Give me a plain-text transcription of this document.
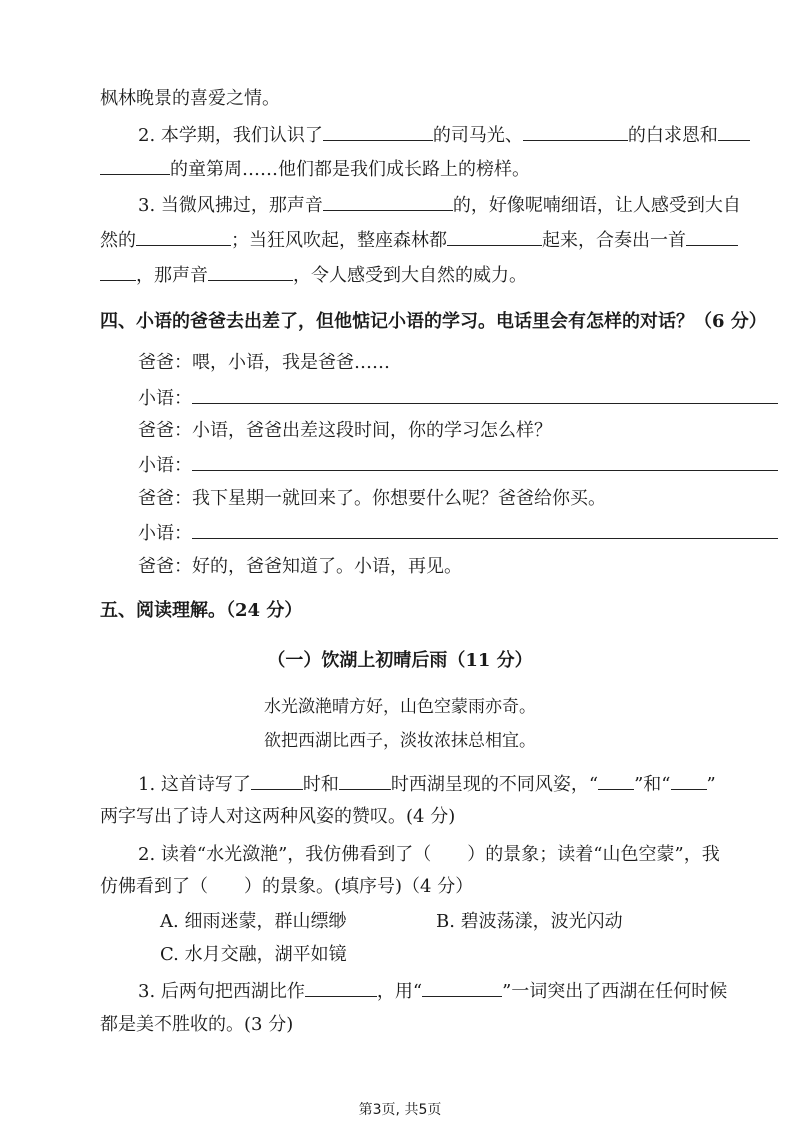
枫林晚景的喜爱之情。
2. 本学期，我们认识了	的司马光、	的白求恩和
的童第周……他们都是我们成长路上的榜样。
3. 当微风拂过，那声音	的，好像呢喃细语，让人感受到大自
然的	；当狂风吹起，整座森林都	起来，合奏出一首
，那声音	，令人感受到大自然的威力。
四、小语的爸爸去出差了，但他惦记小语的学习。电话里会有怎样的对话？（6 分）
爸爸：喂，小语，我是爸爸……
小语：
爸爸：小语，爸爸出差这段时间，你的学习怎么样？
小语：
爸爸：我下星期一就回来了。你想要什么呢？爸爸给你买。
小语：
爸爸：好的，爸爸知道了。小语，再见。
五、阅读理解。（24 分）
（一）饮湖上初晴后雨（11 分）
水光潋滟晴方好，山色空蒙雨亦奇。
欲把西湖比西子，淡妆浓抹总相宜。
1. 这首诗写了	时和	时西湖呈现的不同风姿，“ ”和“ ”
两字写出了诗人对这两种风姿的赞叹。(4 分)
2. 读着“水光潋滟”，我仿佛看到了（　　）的景象；读着“山色空蒙”，我
仿佛看到了（　　）的景象。(填序号)（4 分）
A. 细雨迷蒙，群山缥缈	B. 碧波荡漾，波光闪动
C. 水月交融，湖平如镜
3. 后两句把西湖比作	，用“	”一词突出了西湖在任何时候
都是美不胜收的。(3 分)
第3页, 共5页
